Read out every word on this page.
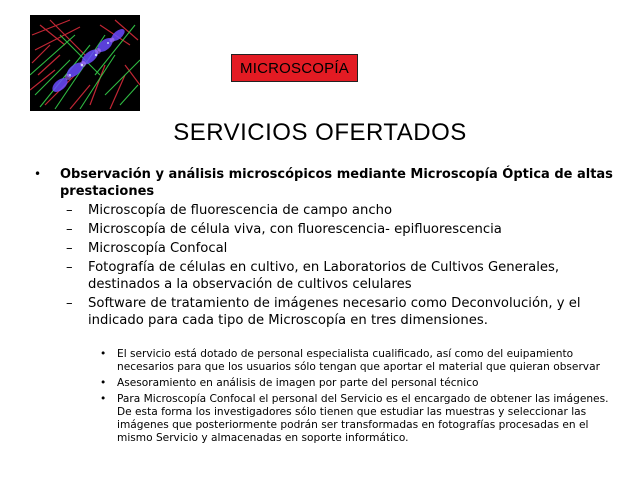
MICROSCOPÍA
SERVICIOS OFERTADOS
• Observación y análisis microscópicos mediante Microscopía Óptica de altas prestaciones
– Microscopía de fluorescencia de campo ancho
– Microscopía de célula viva, con fluorescencia- epifluorescencia
– Microscopía Confocal
– Fotografía de células en cultivo, en Laboratorios de Cultivos Generales, destinados a la observación de cultivos celulares
– Software de tratamiento de imágenes necesario como Deconvolución, y el indicado para cada tipo de Microscopía en tres dimensiones.
• El servicio está dotado de personal especialista cualificado, así como del euipamiento necesarios para que los usuarios sólo tengan que aportar el material que quieran observar
• Asesoramiento en análisis de imagen por parte del personal técnico
• Para Microscopía Confocal el personal del Servicio es el encargado de obtener las imágenes. De esta forma los investigadores sólo tienen que estudiar las muestras y seleccionar las imágenes que posteriormente podrán ser transformadas en fotografías procesadas en el mismo Servicio y almacenadas en soporte informático.
